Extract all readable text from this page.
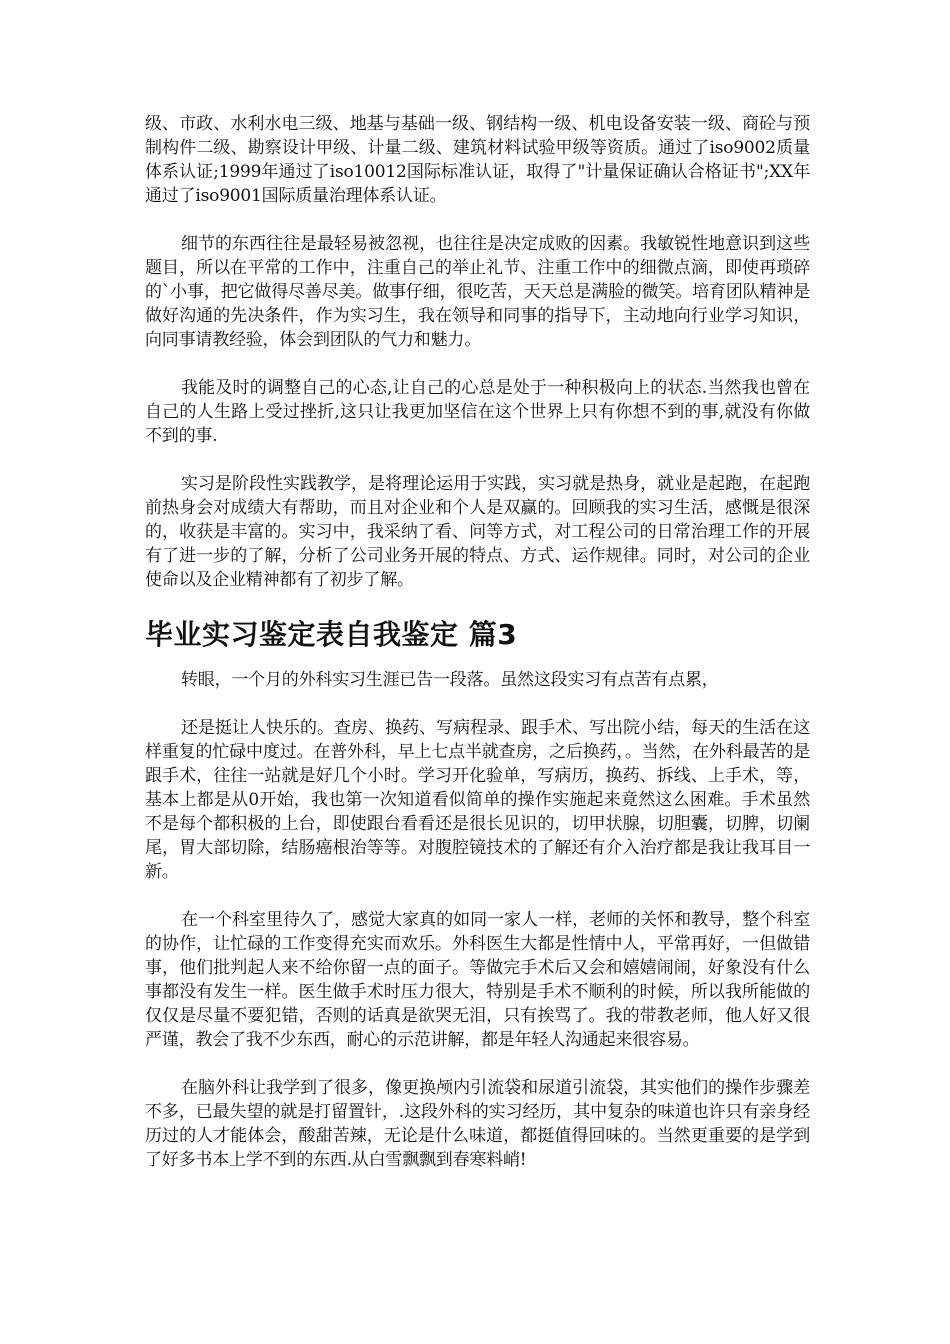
级、市政、水利水电三级、地基与基础一级、钢结构一级、机电设备安装一级、商砼与预制构件二级、勘察设计甲级、计量二级、建筑材料试验甲级等资质。通过了iso9002质量体系认证;1999年通过了iso10012国际标准认证，取得了"计量保证确认合格证书";XX年通过了iso9001国际质量治理体系认证。

细节的东西往往是最轻易被忽视，也往往是决定成败的因素。我敏锐性地意识到这些题目，所以在平常的工作中，注重自己的举止礼节、注重工作中的细微点滴，即使再琐碎的`小事，把它做得尽善尽美。做事仔细，很吃苦，天天总是满脸的微笑。培育团队精神是做好沟通的先决条件，作为实习生，我在领导和同事的指导下，主动地向行业学习知识，向同事请教经验，体会到团队的气力和魅力。

我能及时的调整自己的心态,让自己的心总是处于一种积极向上的状态.当然我也曾在自己的人生路上受过挫折,这只让我更加坚信在这个世界上只有你想不到的事,就没有你做不到的事.

实习是阶段性实践教学，是将理论运用于实践，实习就是热身，就业是起跑，在起跑前热身会对成绩大有帮助，而且对企业和个人是双赢的。回顾我的实习生活，感慨是很深的，收获是丰富的。实习中，我采纳了看、问等方式，对工程公司的日常治理工作的开展有了进一步的了解，分析了公司业务开展的特点、方式、运作规律。同时，对公司的企业使命以及企业精神都有了初步了解。

毕业实习鉴定表自我鉴定 篇3

转眼，一个月的外科实习生涯已告一段落。虽然这段实习有点苦有点累，

还是挺让人快乐的。查房、换药、写病程录、跟手术、写出院小结，每天的生活在这样重复的忙碌中度过。在普外科，早上七点半就查房，之后换药，。当然，在外科最苦的是跟手术，往往一站就是好几个小时。学习开化验单，写病历，换药、拆线、上手术，等，基本上都是从0开始，我也第一次知道看似简单的操作实施起来竟然这么困难。手术虽然不是每个都积极的上台，即使跟台看看还是很长见识的，切甲状腺，切胆囊，切脾，切阑尾，胃大部切除，结肠癌根治等等。对腹腔镜技术的了解还有介入治疗都是我让我耳目一新。

在一个科室里待久了，感觉大家真的如同一家人一样，老师的关怀和教导，整个科室的协作，让忙碌的工作变得充实而欢乐。外科医生大都是性情中人，平常再好，一但做错事，他们批判起人来不给你留一点的面子。等做完手术后又会和嬉嬉闹闹，好象没有什么事都没有发生一样。医生做手术时压力很大，特别是手术不顺利的时候，所以我所能做的仅仅是尽量不要犯错，否则的话真是欲哭无泪，只有挨骂了。我的带教老师，他人好又很严谨，教会了我不少东西，耐心的示范讲解，都是年轻人沟通起来很容易。

在脑外科让我学到了很多，像更换颅内引流袋和尿道引流袋，其实他们的操作步骤差不多，已最失望的就是打留置针，.这段外科的实习经历，其中复杂的味道也许只有亲身经历过的人才能体会，酸甜苦辣，无论是什么味道，都挺值得回味的。当然更重要的是学到了好多书本上学不到的东西.从白雪飘飘到春寒料峭!
